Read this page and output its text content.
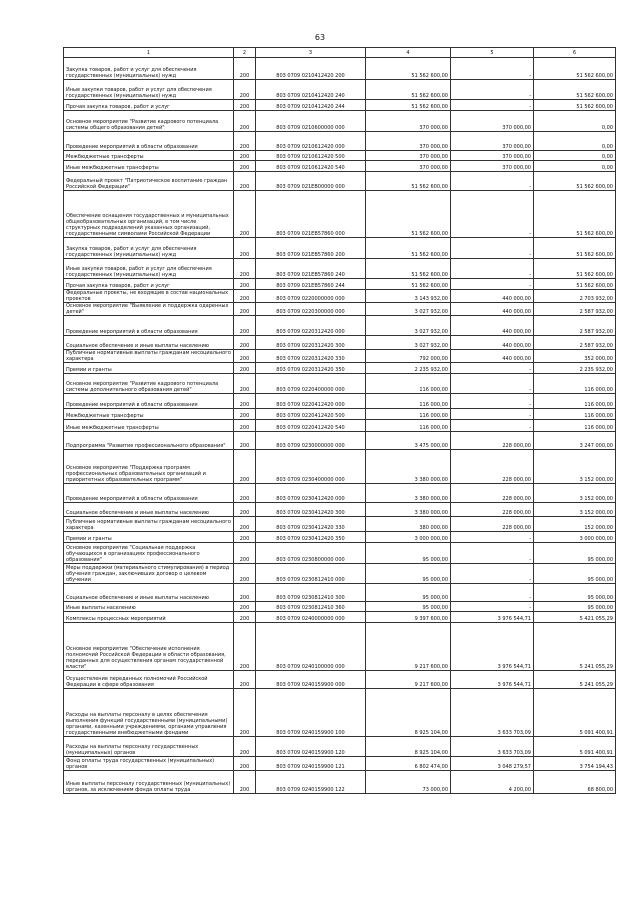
63
1	2	3	4	5	6
Закупка товаров, работ и услуг для обеспечения государственных (муниципальных) нужд	200	803 0709 0210412420 200	51 562 600,00	-	51 562 600,00
Иные закупки товаров, работ и услуг для обеспечения государственных (муниципальных) нужд	200	803 0709 0210412420 240	51 562 600,00	-	51 562 600,00
Прочая закупка товаров, работ и услуг	200	803 0709 0210412420 244	51 562 600,00	-	51 562 600,00
Основное мероприятие "Развитие кадрового потенциала системы общего образования детей"	200	803 0709 0210600000 000	370 000,00	370 000,00	0,00
Проведение мероприятий в области образования	200	803 0709 0210612420 000	370 000,00	370 000,00	0,00
Межбюджетные трансферты	200	803 0709 0210612420 500	370 000,00	370 000,00	0,00
Иные межбюджетные трансферты	200	803 0709 0210612420 540	370 000,00	370 000,00	0,00
Федеральный проект "Патриотическое воспитание граждан Российской Федерации"	200	803 0709 021EB00000 000	51 562 600,00	-	51 562 600,00
Обеспечение оснащения государственных и муниципальных общеобразовательных организаций, в том числе структурных подразделений указанных организаций, государственными символами Российской Федерации	200	803 0709 021EB57860 000	51 562 600,00	-	51 562 600,00
Закупка товаров, работ и услуг для обеспечения государственных (муниципальных) нужд	200	803 0709 021EB57860 200	51 562 600,00	-	51 562 600,00
Иные закупки товаров, работ и услуг для обеспечения государственных (муниципальных) нужд	200	803 0709 021EB57860 240	51 562 600,00	-	51 562 600,00
Прочая закупка товаров, работ и услуг	200	803 0709 021EB57860 244	51 562 600,00	-	51 562 600,00
Федеральные проекты, не входящие в состав национальных проектов	200	803 0709 0220000000 000	3 143 932,00	440 000,00	2 703 932,00
Основное мероприятие "Выявление и поддержка одаренных детей"	200	803 0709 0220300000 000	3 027 932,00	440 000,00	2 587 932,00
Проведение мероприятий в области образования	200	803 0709 0220312420 000	3 027 932,00	440 000,00	2 587 932,00
Социальное обеспечение и иные выплаты населению	200	803 0709 0220312420 300	3 027 932,00	440 000,00	2 587 932,00
Публичные нормативные выплаты гражданам несоциального характера	200	803 0709 0220312420 330	792 000,00	440 000,00	352 000,00
Премии и гранты	200	803 0709 0220312420 350	2 235 932,00	-	2 235 932,00
Основное мероприятие "Развитие кадрового потенциала системы дополнительного образования детей"	200	803 0709 0220400000 000	116 000,00	-	116 000,00
Проведение мероприятий в области образования	200	803 0709 0220412420 000	116 000,00	-	116 000,00
Межбюджетные трансферты	200	803 0709 0220412420 500	116 000,00	-	116 000,00
Иные межбюджетные трансферты	200	803 0709 0220412420 540	116 000,00	-	116 000,00
Подпрограмма "Развитие профессионального образования"	200	803 0709 0230000000 000	3 475 000,00	228 000,00	3 247 000,00
Основное мероприятие "Поддержка программ профессиональных образовательных организаций и приоритетных образовательных программ"	200	803 0709 0230400000 000	3 380 000,00	228 000,00	3 152 000,00
Проведение мероприятий в области образования	200	803 0709 0230412420 000	3 380 000,00	228 000,00	3 152 000,00
Социальное обеспечение и иные выплаты населению	200	803 0709 0230412420 300	3 380 000,00	228 000,00	3 152 000,00
Публичные нормативные выплаты гражданам несоциального характера	200	803 0709 0230412420 330	380 000,00	228 000,00	152 000,00
Премии и гранты	200	803 0709 0230412420 350	3 000 000,00	-	3 000 000,00
Основное мероприятие "Социальная поддержка обучающихся в организациях профессионального образования"	200	803 0709 0230800000 000	95 000,00	-	95 000,00
Меры поддержки (материального стимулирования) в период обучения граждан, заключивших договор о целевом обучении	200	803 0709 0230812410 000	95 000,00	-	95 000,00
Социальное обеспечение и иные выплаты населению	200	803 0709 0230812410 300	95 000,00	-	95 000,00
Иные выплаты населению	200	803 0709 0230812410 360	95 000,00	-	95 000,00
Комплексы процессных мероприятий	200	803 0709 0240000000 000	9 397 600,00	3 976 544,71	5 421 055,29
Основное мероприятие "Обеспечение исполнения полномочий Российской Федерации в области образования, переданных для осуществления органам государственной власти"	200	803 0709 0240100000 000	9 217 600,00	3 976 544,71	5 241 055,29
Осуществление переданных полномочий Российской Федерации в сфере образования	200	803 0709 0240159900 000	9 217 600,00	3 976 544,71	5 241 055,29
Расходы на выплаты персоналу в целях обеспечения выполнения функций государственными (муниципальными) органами, казенными учреждениями, органами управления государственными внебюджетными фондами	200	803 0709 0240159900 100	8 925 104,00	3 633 703,09	5 091 400,91
Расходы на выплаты персоналу государственных (муниципальных) органов	200	803 0709 0240159900 120	8 925 104,00	3 633 703,09	5 091 400,91
Фонд оплаты труда государственных (муниципальных) органов	200	803 0709 0240159900 121	6 802 474,00	3 048 279,57	3 754 194,43
Иные выплаты персоналу государственных (муниципальных) органов, за исключением фонда оплаты труда	200	803 0709 0240159900 122	73 000,00	4 200,00	68 800,00
